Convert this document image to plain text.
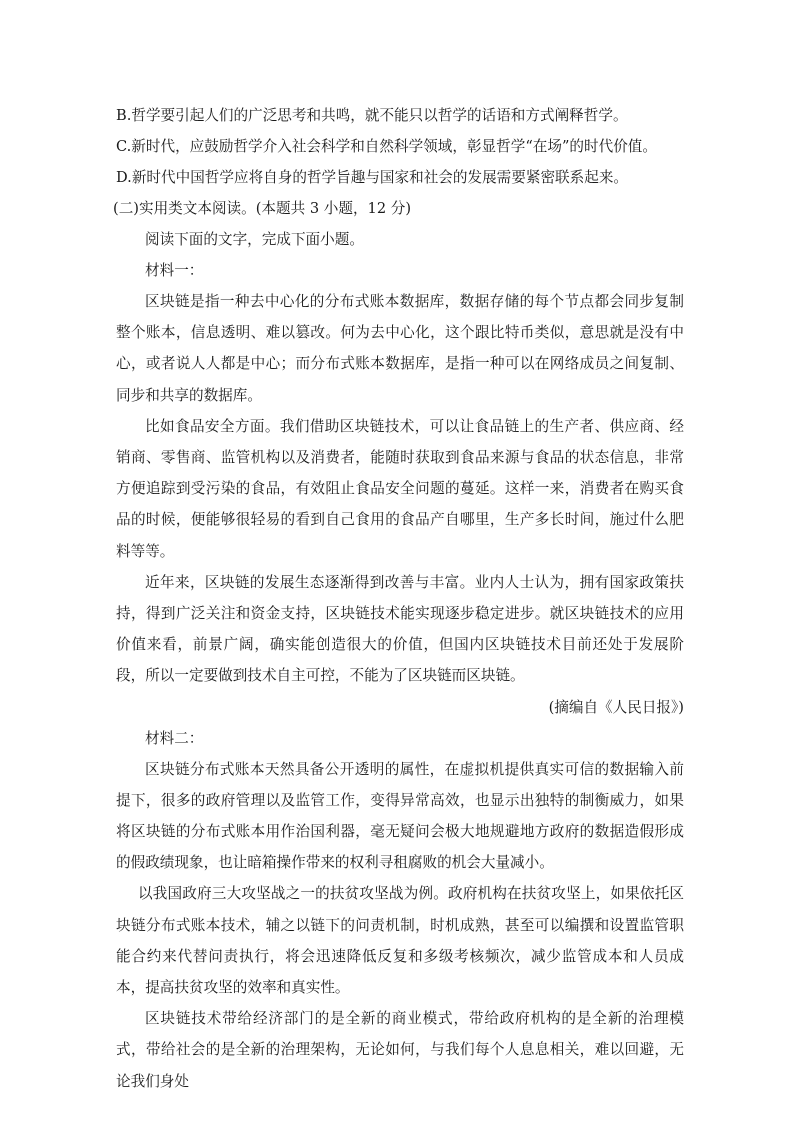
B.哲学要引起人们的广泛思考和共鸣，就不能只以哲学的话语和方式阐释哲学。

C.新时代，应鼓励哲学介入社会科学和自然科学领域，彰显哲学“在场”的时代价值。

D.新时代中国哲学应将自身的哲学旨趣与国家和社会的发展需要紧密联系起来。

(二)实用类文本阅读。(本题共 3 小题，12 分)

阅读下面的文字，完成下面小题。

材料一：

区块链是指一种去中心化的分布式账本数据库，数据存储的每个节点都会同步复制整个账本，信息透明、难以篡改。何为去中心化，这个跟比特币类似，意思就是没有中心，或者说人人都是中心；而分布式账本数据库，是指一种可以在网络成员之间复制、同步和共享的数据库。

比如食品安全方面。我们借助区块链技术，可以让食品链上的生产者、供应商、经销商、零售商、监管机构以及消费者，能随时获取到食品来源与食品的状态信息，非常方便追踪到受污染的食品，有效阻止食品安全问题的蔓延。这样一来，消费者在购买食品的时候，便能够很轻易的看到自己食用的食品产自哪里，生产多长时间，施过什么肥料等等。

近年来，区块链的发展生态逐渐得到改善与丰富。业内人士认为，拥有国家政策扶持，得到广泛关注和资金支持，区块链技术能实现逐步稳定进步。就区块链技术的应用价值来看，前景广阔，确实能创造很大的价值，但国内区块链技术目前还处于发展阶段，所以一定要做到技术自主可控，不能为了区块链而区块链。

(摘编自《人民日报》)

材料二：

区块链分布式账本天然具备公开透明的属性，在虚拟机提供真实可信的数据输入前提下，很多的政府管理以及监管工作，变得异常高效，也显示出独特的制衡威力，如果将区块链的分布式账本用作治国利器，毫无疑问会极大地规避地方政府的数据造假形成的假政绩现象，也让暗箱操作带来的权利寻租腐败的机会大量减小。

以我国政府三大攻坚战之一的扶贫攻坚战为例。政府机构在扶贫攻坚上，如果依托区块链分布式账本技术，辅之以链下的问责机制，时机成熟，甚至可以编撰和设置监管职能合约来代替问责执行，将会迅速降低反复和多级考核频次，减少监管成本和人员成本，提高扶贫攻坚的效率和真实性。

区块链技术带给经济部门的是全新的商业模式，带给政府机构的是全新的治理模式，带给社会的是全新的治理架构，无论如何，与我们每个人息息相关，难以回避，无论我们身处
